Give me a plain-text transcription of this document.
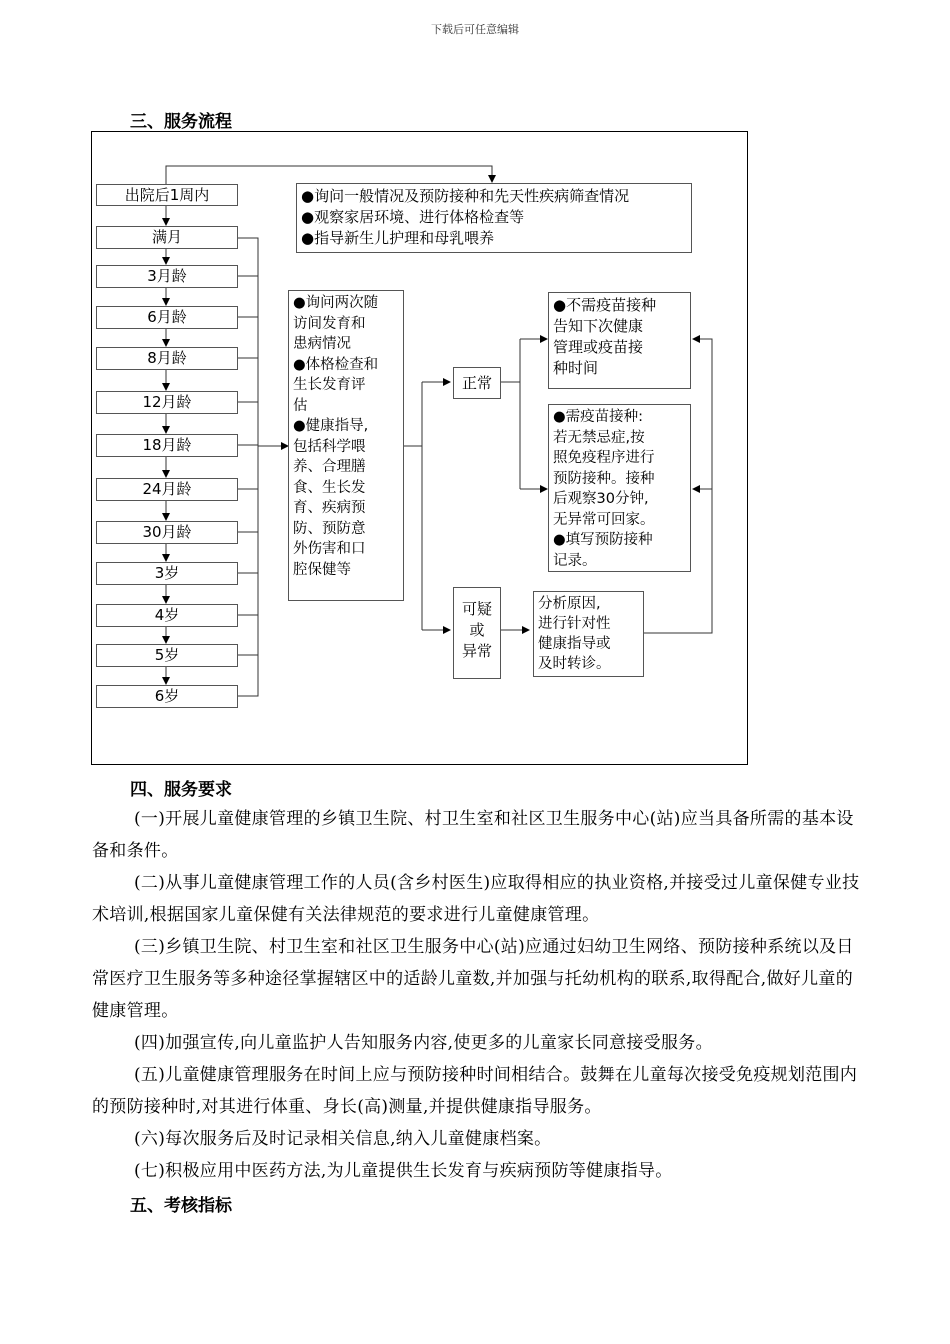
下载后可任意编辑
三、服务流程
出院后1周内
满月
3月龄
6月龄
8月龄
12月龄
18月龄
24月龄
30月龄
3岁
4岁
5岁
6岁
●询问一般情况及预防接种和先天性疾病筛查情况
●观察家居环境、进行体格检查等
●指导新生儿护理和母乳喂养
●询问两次随
访间发育和
患病情况
●体格检查和
生长发育评
估
●健康指导,
包括科学喂
养、合理膳
食、生长发
育、疾病预
防、预防意
外伤害和口
腔保健等
正常
可疑
或
异常
●不需疫苗接种
告知下次健康
管理或疫苗接
种时间
●需疫苗接种:
若无禁忌症,按
照免疫程序进行
预防接种。接种
后观察30分钟,
无异常可回家。
●填写预防接种
记录。
分析原因,
进行针对性
健康指导或
及时转诊。
四、服务要求
(一)开展儿童健康管理的乡镇卫生院、村卫生室和社区卫生服务中心(站)应当具备所需的基本设备和条件。
(二)从事儿童健康管理工作的人员(含乡村医生)应取得相应的执业资格,并接受过儿童保健专业技术培训,根据国家儿童保健有关法律规范的要求进行儿童健康管理。
(三)乡镇卫生院、村卫生室和社区卫生服务中心(站)应通过妇幼卫生网络、预防接种系统以及日常医疗卫生服务等多种途径掌握辖区中的适龄儿童数,并加强与托幼机构的联系,取得配合,做好儿童的健康管理。
(四)加强宣传,向儿童监护人告知服务内容,使更多的儿童家长同意接受服务。
(五)儿童健康管理服务在时间上应与预防接种时间相结合。鼓舞在儿童每次接受免疫规划范围内的预防接种时,对其进行体重、身长(高)测量,并提供健康指导服务。
(六)每次服务后及时记录相关信息,纳入儿童健康档案。
(七)积极应用中医药方法,为儿童提供生长发育与疾病预防等健康指导。
五、考核指标
